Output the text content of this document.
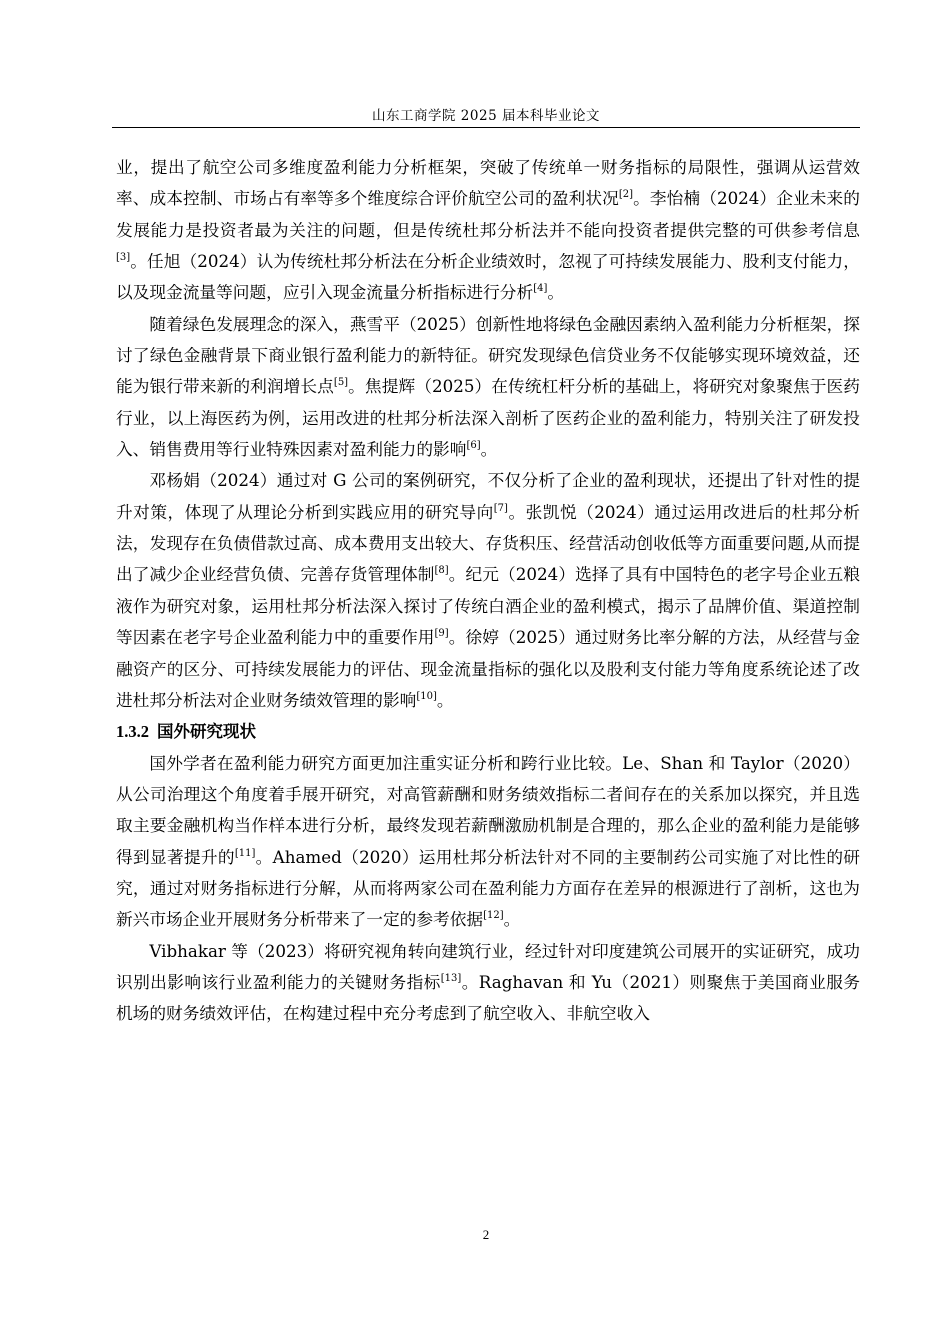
山东工商学院 2025 届本科毕业论文

业，提出了航空公司多维度盈利能力分析框架，突破了传统单一财务指标的局限性，强调从运营效率、成本控制、市场占有率等多个维度综合评价航空公司的盈利状况[2]。李怡楠（2024）企业未来的发展能力是投资者最为关注的问题，但是传统杜邦分析法并不能向投资者提供完整的可供参考信息[3]。任旭（2024）认为传统杜邦分析法在分析企业绩效时，忽视了可持续发展能力、股利支付能力，以及现金流量等问题，应引入现金流量分析指标进行分析[4]。

随着绿色发展理念的深入，燕雪平（2025）创新性地将绿色金融因素纳入盈利能力分析框架，探讨了绿色金融背景下商业银行盈利能力的新特征。研究发现绿色信贷业务不仅能够实现环境效益，还能为银行带来新的利润增长点[5]。焦提辉（2025）在传统杠杆分析的基础上，将研究对象聚焦于医药行业，以上海医药为例，运用改进的杜邦分析法深入剖析了医药企业的盈利能力，特别关注了研发投入、销售费用等行业特殊因素对盈利能力的影响[6]。

邓杨娟（2024）通过对 G 公司的案例研究，不仅分析了企业的盈利现状，还提出了针对性的提升对策，体现了从理论分析到实践应用的研究导向[7]。张凯悦（2024）通过运用改进后的杜邦分析法，发现存在负债借款过高、成本费用支出较大、存货积压、经营活动创收低等方面重要问题,从而提出了减少企业经营负债、完善存货管理体制[8]。纪元（2024）选择了具有中国特色的老字号企业五粮液作为研究对象，运用杜邦分析法深入探讨了传统白酒企业的盈利模式，揭示了品牌价值、渠道控制等因素在老字号企业盈利能力中的重要作用[9]。徐婷（2025）通过财务比率分解的方法，从经营与金融资产的区分、可持续发展能力的评估、现金流量指标的强化以及股利支付能力等角度系统论述了改进杜邦分析法对企业财务绩效管理的影响[10]。

1.3.2 国外研究现状

国外学者在盈利能力研究方面更加注重实证分析和跨行业比较。Le、Shan 和 Taylor（2020）从公司治理这个角度着手展开研究，对高管薪酬和财务绩效指标二者间存在的关系加以探究，并且选取主要金融机构当作样本进行分析，最终发现若薪酬激励机制是合理的，那么企业的盈利能力是能够得到显著提升的[11]。Ahamed（2020）运用杜邦分析法针对不同的主要制药公司实施了对比性的研究，通过对财务指标进行分解，从而将两家公司在盈利能力方面存在差异的根源进行了剖析，这也为新兴市场企业开展财务分析带来了一定的参考依据[12]。

Vibhakar 等（2023）将研究视角转向建筑行业，经过针对印度建筑公司展开的实证研究，成功识别出影响该行业盈利能力的关键财务指标[13]。Raghavan 和 Yu（2021）则聚焦于美国商业服务机场的财务绩效评估，在构建过程中充分考虑到了航空收入、非航空收入

2
